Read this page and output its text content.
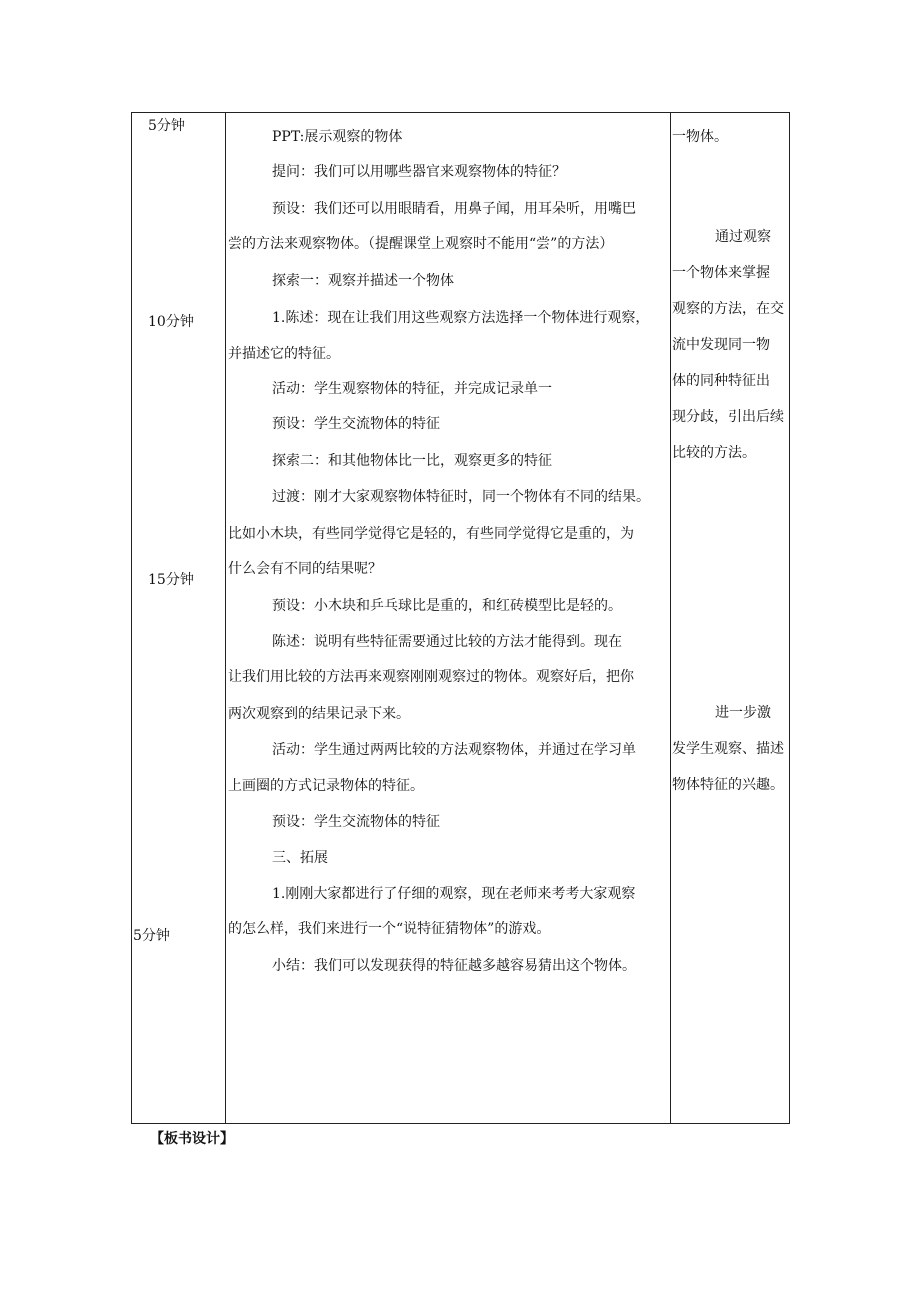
5分钟
10分钟
15分钟
5分钟
PPT:展示观察的物体
提问：我们可以用哪些器官来观察物体的特征？
预设：我们还可以用眼睛看，用鼻子闻，用耳朵听，用嘴巴
尝的方法来观察物体。（提醒课堂上观察时不能用“尝”的方法）
探索一：观察并描述一个物体
1.陈述：现在让我们用这些观察方法选择一个物体进行观察，
并描述它的特征。
活动：学生观察物体的特征，并完成记录单一
预设：学生交流物体的特征
探索二：和其他物体比一比，观察更多的特征
过渡：刚才大家观察物体特征时，同一个物体有不同的结果。
比如小木块，有些同学觉得它是轻的，有些同学觉得它是重的，为
什么会有不同的结果呢？
预设：小木块和乒乓球比是重的，和红砖模型比是轻的。
陈述：说明有些特征需要通过比较的方法才能得到。现在
让我们用比较的方法再来观察刚刚观察过的物体。观察好后，把你
两次观察到的结果记录下来。
活动：学生通过两两比较的方法观察物体，并通过在学习单
上画圈的方式记录物体的特征。
预设：学生交流物体的特征
三、拓展
1.刚刚大家都进行了仔细的观察，现在老师来考考大家观察
的怎么样，我们来进行一个“说特征猜物体”的游戏。
小结：我们可以发现获得的特征越多越容易猜出这个物体。
一物体。
通过观察
一个物体来掌握
观察的方法，在交
流中发现同一物
体的同种特征出
现分歧，引出后续
比较的方法。
进一步激
发学生观察、描述
物体特征的兴趣。
【板书设计】
